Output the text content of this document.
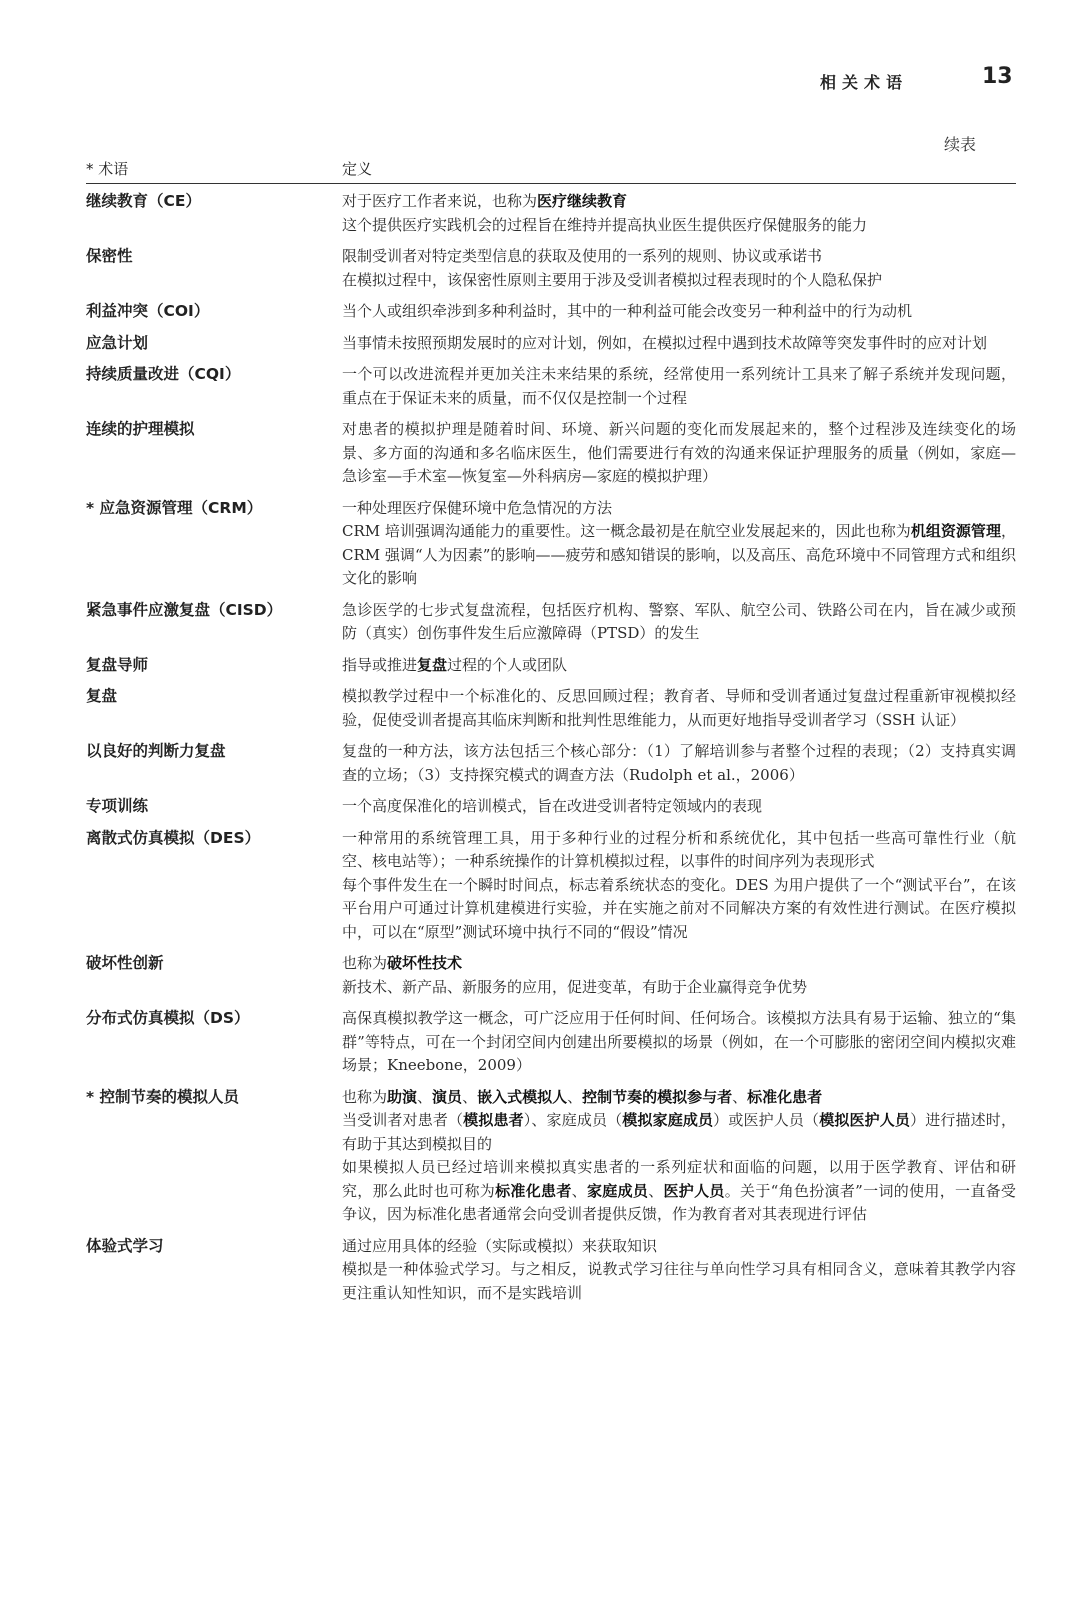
相关术语	13
续表
* 术语	定义
继续教育（CE）	对于医疗工作者来说，也称为医疗继续教育

这个提供医疗实践机会的过程旨在维持并提高执业医生提供医疗保健服务的能力

保密性	限制受训者对特定类型信息的获取及使用的一系列的规则、协议或承诺书

在模拟过程中，该保密性原则主要用于涉及受训者模拟过程表现时的个人隐私保护

利益冲突（COI）	当个人或组织牵涉到多种利益时，其中的一种利益可能会改变另一种利益中的行为动机

应急计划	当事情未按照预期发展时的应对计划，例如，在模拟过程中遇到技术故障等突发事件时的应对计划

持续质量改进（CQI）	一个可以改进流程并更加关注未来结果的系统，经常使用一系列统计工具来了解子系统并发现问题，重点在于保证未来的质量，而不仅仅是控制一个过程

连续的护理模拟	对患者的模拟护理是随着时间、环境、新兴问题的变化而发展起来的，整个过程涉及连续变化的场景、多方面的沟通和多名临床医生，他们需要进行有效的沟通来保证护理服务的质量（例如，家庭—急诊室—手术室—恢复室—外科病房—家庭的模拟护理）

* 应急资源管理（CRM）	一种处理医疗保健环境中危急情况的方法

CRM 培训强调沟通能力的重要性。这一概念最初是在航空业发展起来的，因此也称为机组资源管理，CRM 强调“人为因素”的影响——疲劳和感知错误的影响，以及高压、高危环境中不同管理方式和组织文化的影响

紧急事件应激复盘（CISD）	急诊医学的七步式复盘流程，包括医疗机构、警察、军队、航空公司、铁路公司在内，旨在减少或预防（真实）创伤事件发生后应激障碍（PTSD）的发生

复盘导师	指导或推进复盘过程的个人或团队

复盘	模拟教学过程中一个标准化的、反思回顾过程；教育者、导师和受训者通过复盘过程重新审视模拟经验，促使受训者提高其临床判断和批判性思维能力，从而更好地指导受训者学习（SSH 认证）

以良好的判断力复盘	复盘的一种方法，该方法包括三个核心部分：（1）了解培训参与者整个过程的表现；（2）支持真实调查的立场；（3）支持探究模式的调查方法（Rudolph et al.，2006）

专项训练	一个高度保准化的培训模式，旨在改进受训者特定领域内的表现

离散式仿真模拟（DES）	一种常用的系统管理工具，用于多种行业的过程分析和系统优化，其中包括一些高可靠性行业（航空、核电站等）；一种系统操作的计算机模拟过程，以事件的时间序列为表现形式

每个事件发生在一个瞬时时间点，标志着系统状态的变化。DES 为用户提供了一个“测试平台”，在该平台用户可通过计算机建模进行实验，并在实施之前对不同解决方案的有效性进行测试。在医疗模拟中，可以在“原型”测试环境中执行不同的“假设”情况

破坏性创新	也称为破坏性技术

新技术、新产品、新服务的应用，促进变革，有助于企业赢得竞争优势

分布式仿真模拟（DS）	高保真模拟教学这一概念，可广泛应用于任何时间、任何场合。该模拟方法具有易于运输、独立的“集群”等特点，可在一个封闭空间内创建出所要模拟的场景（例如，在一个可膨胀的密闭空间内模拟灾难场景；Kneebone，2009）

* 控制节奏的模拟人员	也称为助演、演员、嵌入式模拟人、控制节奏的模拟参与者、标准化患者

当受训者对患者（模拟患者）、家庭成员（模拟家庭成员）或医护人员（模拟医护人员）进行描述时，有助于其达到模拟目的

如果模拟人员已经过培训来模拟真实患者的一系列症状和面临的问题，以用于医学教育、评估和研究，那么此时也可称为标准化患者、家庭成员、医护人员。关于“角色扮演者”一词的使用，一直备受争议，因为标准化患者通常会向受训者提供反馈，作为教育者对其表现进行评估

体验式学习	通过应用具体的经验（实际或模拟）来获取知识

模拟是一种体验式学习。与之相反，说教式学习往往与单向性学习具有相同含义，意味着其教学内容更注重认知性知识，而不是实践培训
